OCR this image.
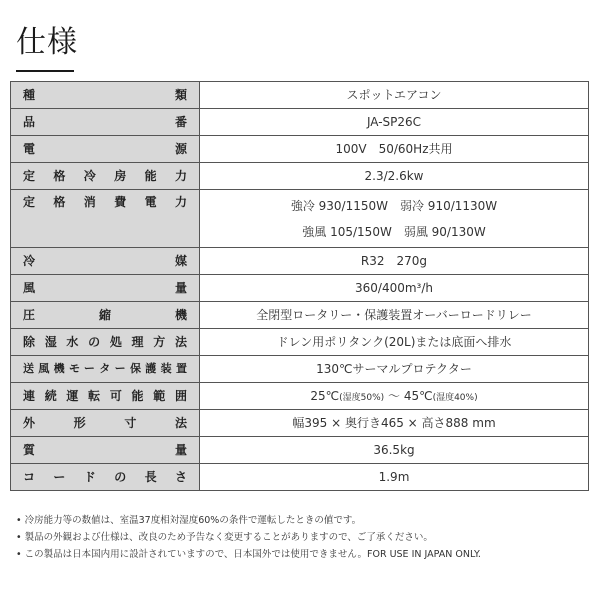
仕様
種類	スポットエアコン
品番	JA-SP26C
電源	100V　50/60Hz共用
定格冷房能力	2.3/2.6kw
定格消費電力	強冷 930/1150W　弱冷 910/1130W
強風 105/150W　弱風 90/130W

冷媒	R32　270g
風量	360/400m³/h
圧縮機	全閉型ロータリー・保護装置オーバーロードリレー
除湿水の処理方法	ドレン用ポリタンク(20L)または底面へ排水
送風機モーター保護装置	130℃サーマルプロテクター
連続運転可能範囲	25℃(湿度50%) ～ 45℃(湿度40%)
外形寸法	幅395 × 奥行き465 × 高さ888 mm
質量	36.5kg
コードの長さ	1.9m
• 冷房能力等の数値は、室温37度相対湿度60%の条件で運転したときの値です。
• 製品の外観および仕様は、改良のため予告なく変更することがありますので、ご了承ください。
• この製品は日本国内用に設計されていますので、日本国外では使用できません。FOR USE IN JAPAN ONLY.
